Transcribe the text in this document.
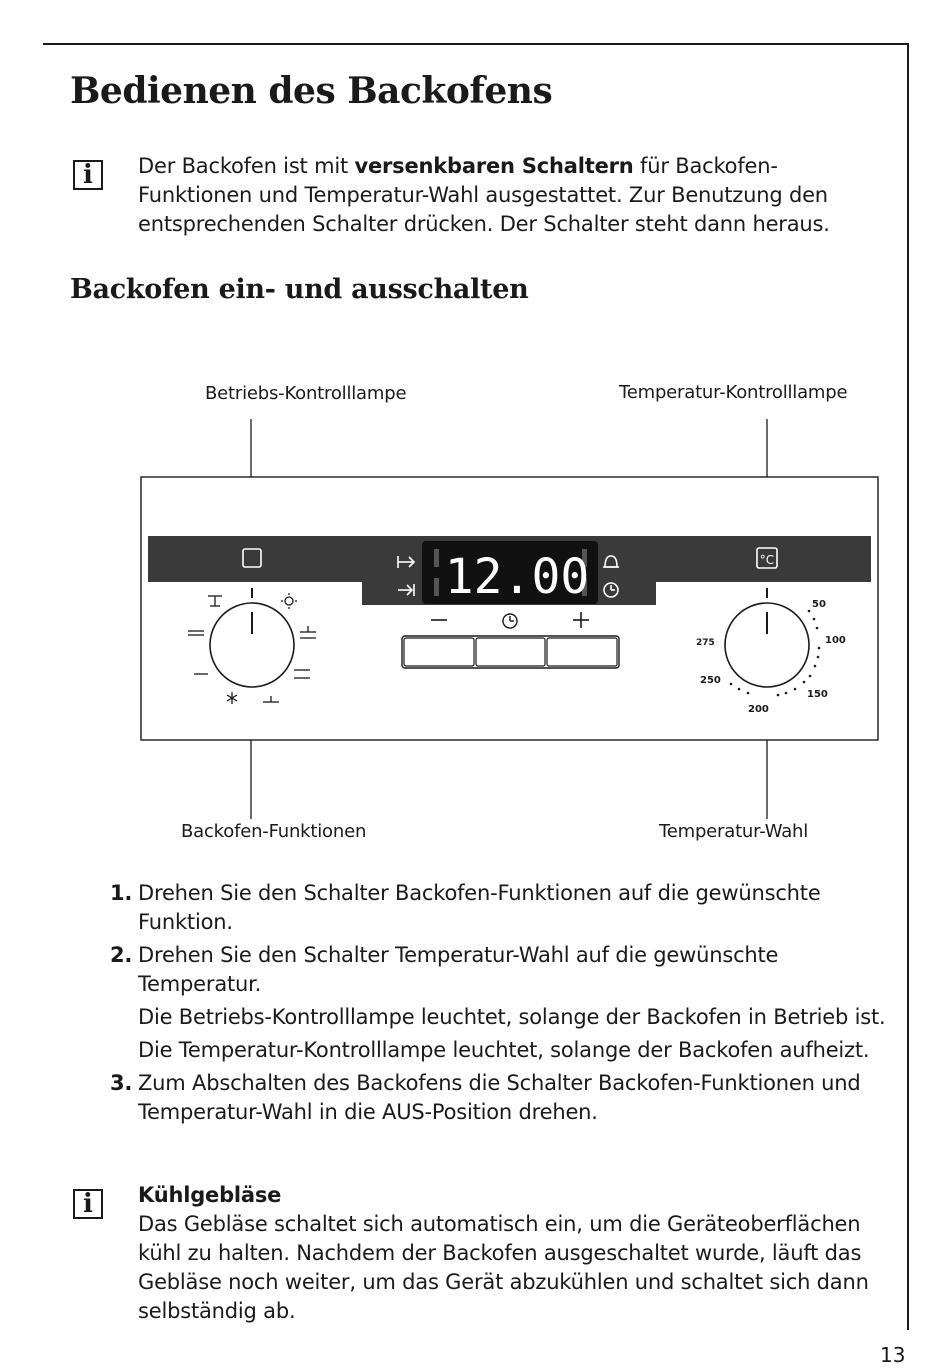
Bedienen des Backofens
i	Der Backofen ist mit versenkbaren Schaltern für Backofen-Funktionen und Temperatur-Wahl ausgestattet. Zur Benutzung den entsprechenden Schalter drücken. Der Schalter steht dann heraus.
Backofen ein- und ausschalten
Betriebs-Kontrolllampe	Temperatur-Kontrolllampe
Backofen-Funktionen	Temperatur-Wahl
°C
12.00	50
100
150
200
250
275
1. Drehen Sie den Schalter Backofen-Funktionen auf die gewünschte Funktion.

2. Drehen Sie den Schalter Temperatur-Wahl auf die gewünschte Temperatur.

Die Betriebs-Kontrolllampe leuchtet, solange der Backofen in Betrieb ist.

Die Temperatur-Kontrolllampe leuchtet, solange der Backofen aufheizt.

3. Zum Abschalten des Backofens die Schalter Backofen-Funktionen und Temperatur-Wahl in die AUS-Position drehen.

i	Kühlgebläse
Das Gebläse schaltet sich automatisch ein, um die Geräteoberflächen kühl zu halten. Nachdem der Backofen ausgeschaltet wurde, läuft das Gebläse noch weiter, um das Gerät abzukühlen und schaltet sich dann selbständig ab.
13
